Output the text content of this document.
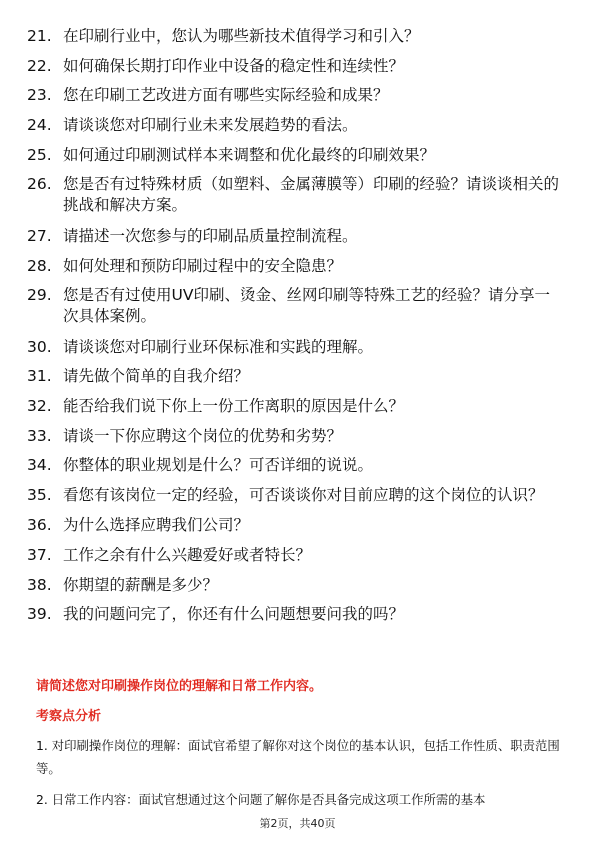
21. 在印刷行业中，您认为哪些新技术值得学习和引入？
22. 如何确保长期打印作业中设备的稳定性和连续性？
23. 您在印刷工艺改进方面有哪些实际经验和成果？
24. 请谈谈您对印刷行业未来发展趋势的看法。
25. 如何通过印刷测试样本来调整和优化最终的印刷效果？
26. 您是否有过特殊材质（如塑料、金属薄膜等）印刷的经验？请谈谈相关的挑战和解决方案。
27. 请描述一次您参与的印刷品质量控制流程。
28. 如何处理和预防印刷过程中的安全隐患？
29. 您是否有过使用UV印刷、烫金、丝网印刷等特殊工艺的经验？请分享一次具体案例。
30. 请谈谈您对印刷行业环保标准和实践的理解。
31. 请先做个简单的自我介绍？
32. 能否给我们说下你上一份工作离职的原因是什么？
33. 请谈一下你应聘这个岗位的优势和劣势？
34. 你整体的职业规划是什么？可否详细的说说。
35. 看您有该岗位一定的经验，可否谈谈你对目前应聘的这个岗位的认识？
36. 为什么选择应聘我们公司？
37. 工作之余有什么兴趣爱好或者特长？
38. 你期望的薪酬是多少？
39. 我的问题问完了，你还有什么问题想要问我的吗？
请简述您对印刷操作岗位的理解和日常工作内容。
考察点分析
1. 对印刷操作岗位的理解：面试官希望了解你对这个岗位的基本认识，包括工作性质、职责范围等。
2. 日常工作内容：面试官想通过这个问题了解你是否具备完成这项工作所需的基本
第2页，共40页
